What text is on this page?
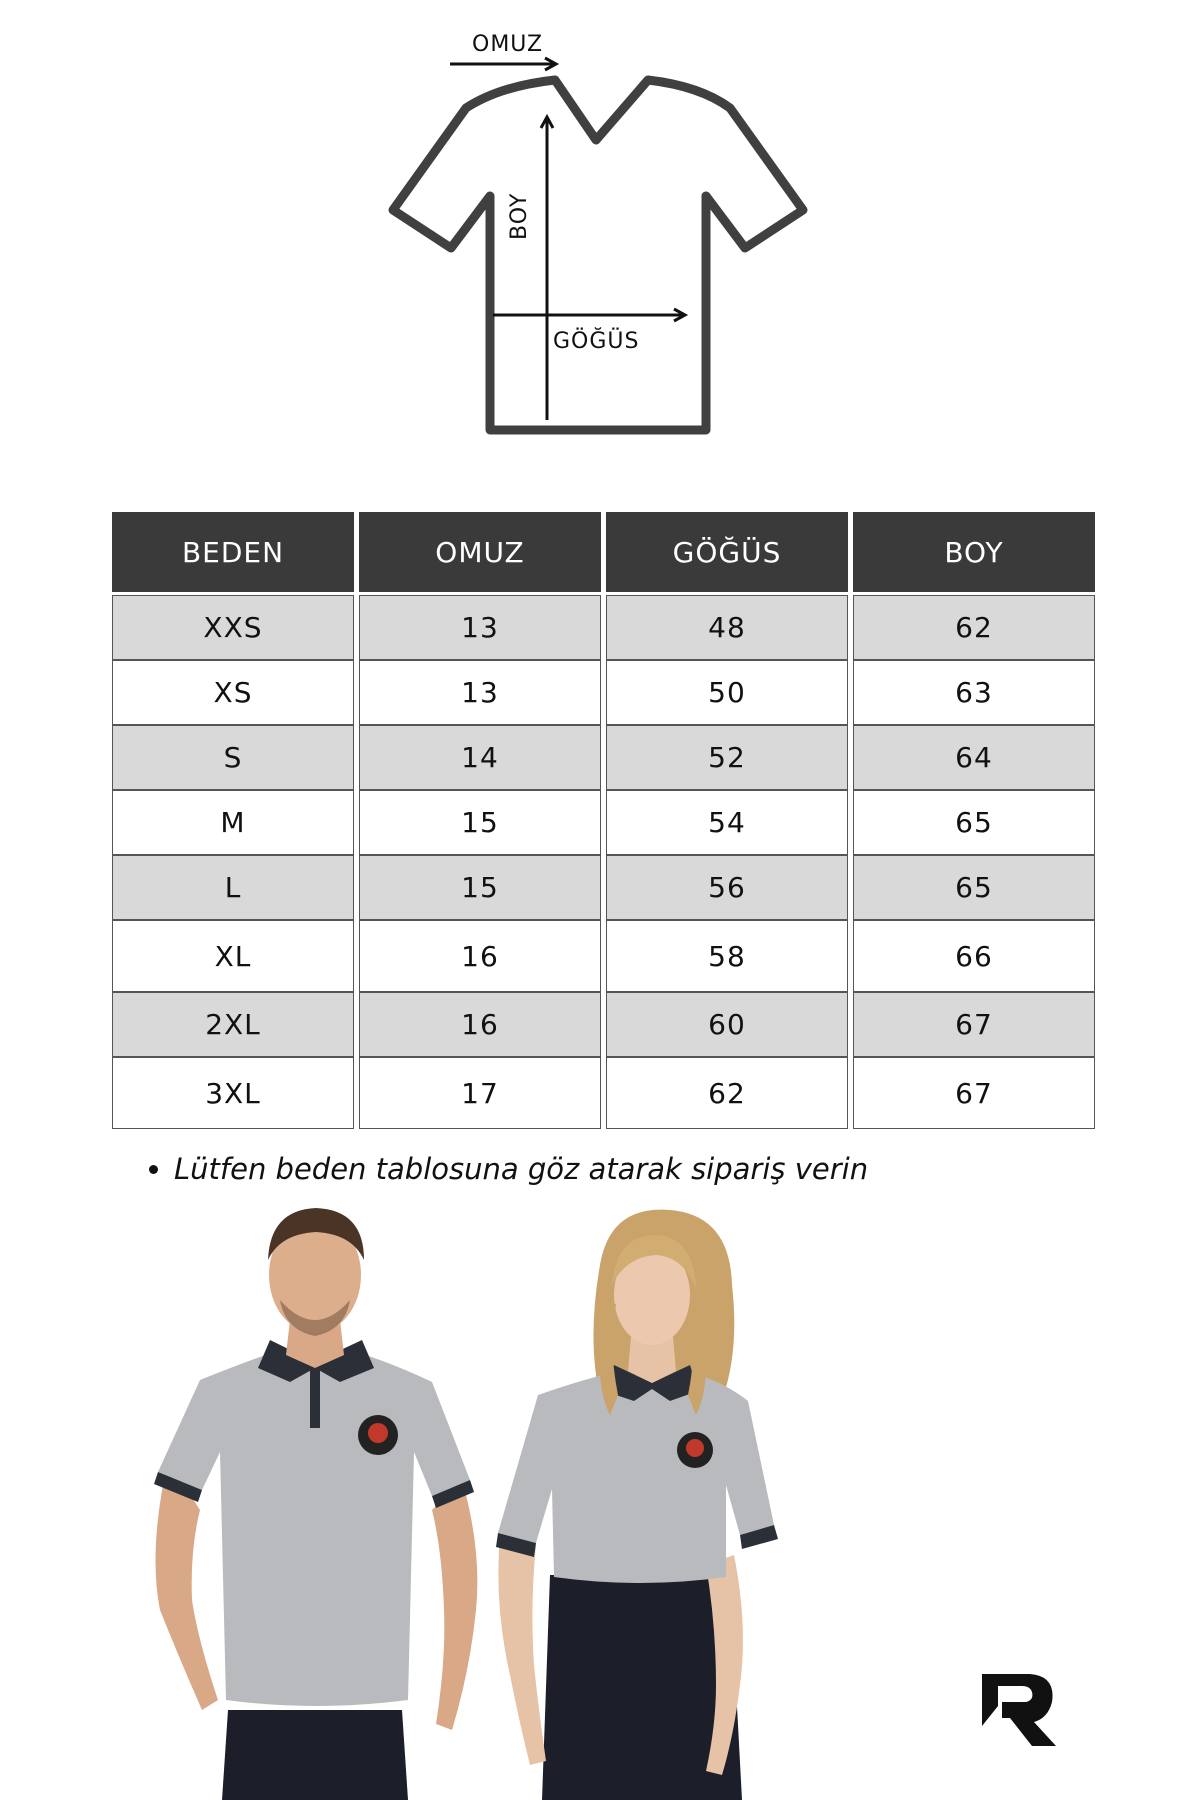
OMUZ
BOY
GÖĞÜS
BEDEN	OMUZ	GÖĞÜS	BOY
XXS	13	48	62
XS	13	50	63
S	14	52	64
M	15	54	65
L	15	56	65
XL	16	58	66
2XL	16	60	67
3XL	17	62	67
• Lütfen beden tablosuna göz atarak sipariş verin
